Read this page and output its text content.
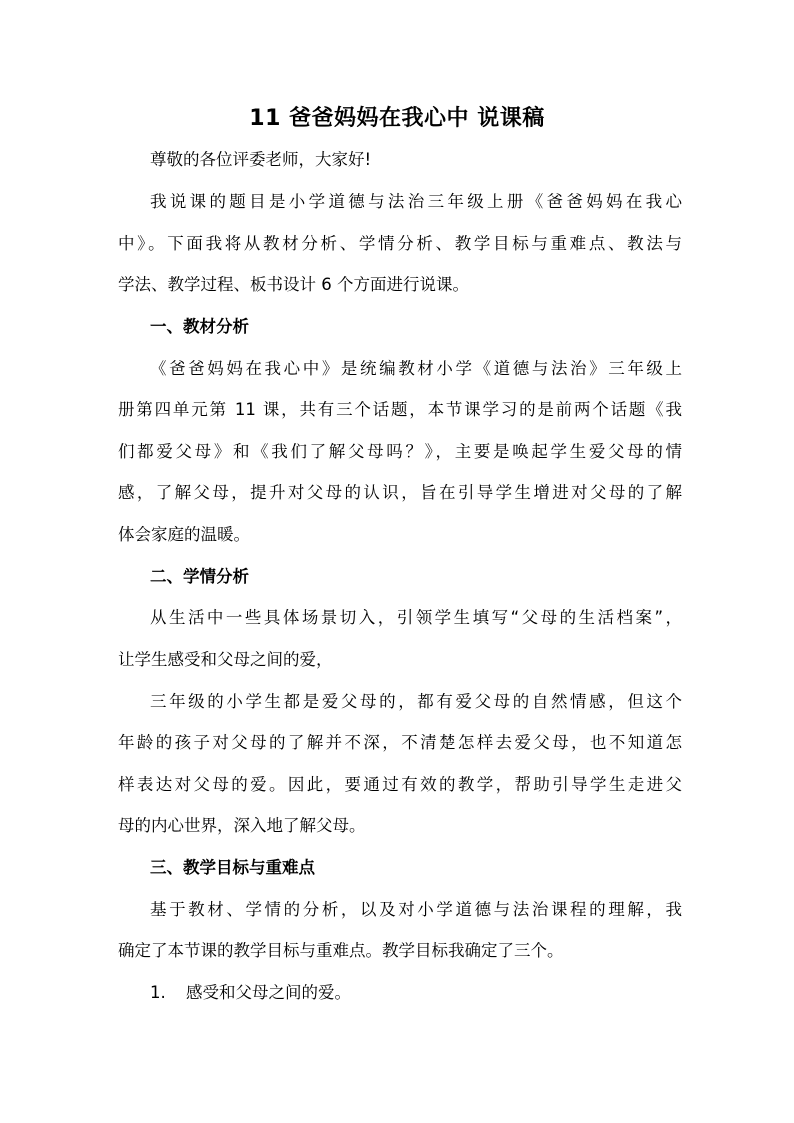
11 爸爸妈妈在我心中 说课稿
尊敬的各位评委老师，大家好!
我说课的题目是小学道德与法治三年级上册《爸爸妈妈在我心
中》。下面我将从教材分析、学情分析、教学目标与重难点、教法与
学法、教学过程、板书设计 6 个方面进行说课。
一、教材分析
《爸爸妈妈在我心中》是统编教材小学《道德与法治》三年级上
册第四单元第 11 课，共有三个话题，本节课学习的是前两个话题《我
们都爱父母》和《我们了解父母吗？》，主要是唤起学生爱父母的情
感，了解父母，提升对父母的认识，旨在引导学生增进对父母的了解
体会家庭的温暖。
二、学情分析
从生活中一些具体场景切入，引领学生填写“父母的生活档案”，
让学生感受和父母之间的爱，
三年级的小学生都是爱父母的，都有爱父母的自然情感，但这个
年龄的孩子对父母的了解并不深，不清楚怎样去爱父母，也不知道怎
样表达对父母的爱。因此，要通过有效的教学，帮助引导学生走进父
母的内心世界，深入地了解父母。
三、教学目标与重难点
基于教材、学情的分析，以及对小学道德与法治课程的理解，我
确定了本节课的教学目标与重难点。教学目标我确定了三个。
1. 感受和父母之间的爱。
